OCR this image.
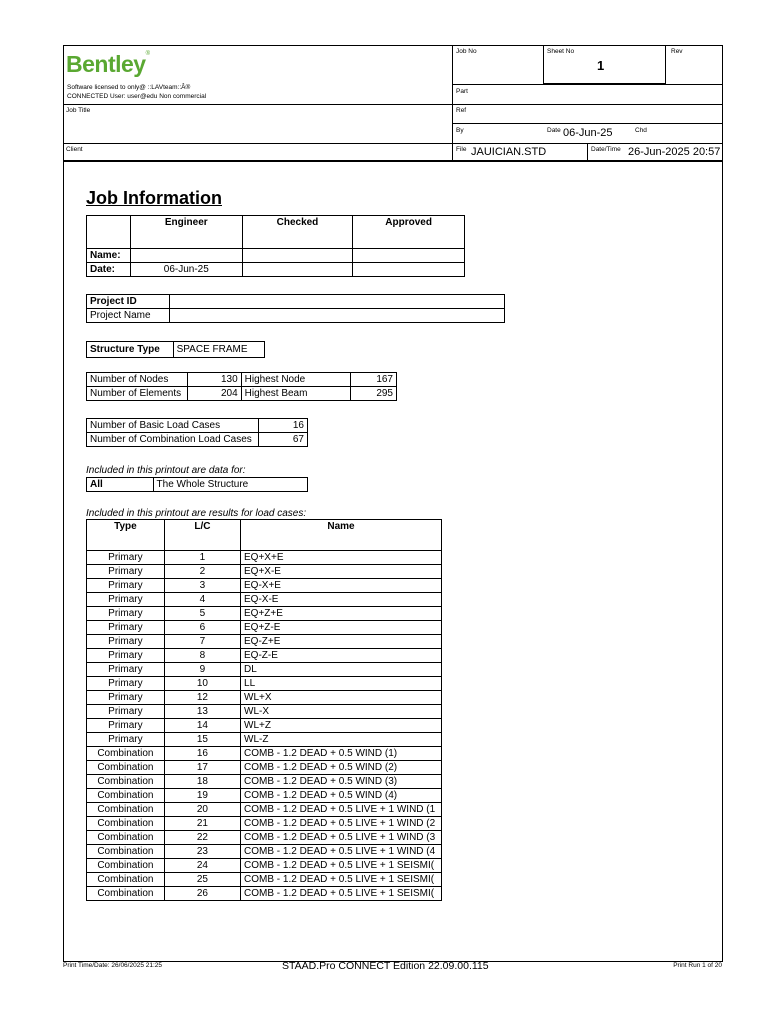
Bentley®
Software licensed to only@ ::LAVteam::Â®
CONNECTED User: user@edu Non commercial
Job Title
Client
Job No	Sheet No
1
Rev
Part
Ref
By	Date 06-Jun-25	Chd
File JAUICIAN.STD	Date/Time 26-Jun-2025 20:57
Job Information
	Engineer	Checked	Approved
Name:			
Date:	06-Jun-25		
Project ID	
Project Name	
Structure Type	SPACE FRAME
Number of Nodes	130	Highest Node	167
Number of Elements	204	Highest Beam	295
Number of Basic Load Cases	16
Number of Combination Load Cases	67
Included in this printout are data for:
All	The Whole Structure
Included in this printout are results for load cases:
Type	L/C	Name
Primary	1	EQ+X+E
Primary	2	EQ+X-E
Primary	3	EQ-X+E
Primary	4	EQ-X-E
Primary	5	EQ+Z+E
Primary	6	EQ+Z-E
Primary	7	EQ-Z+E
Primary	8	EQ-Z-E
Primary	9	DL
Primary	10	LL
Primary	12	WL+X
Primary	13	WL-X
Primary	14	WL+Z
Primary	15	WL-Z
Combination	16	COMB - 1.2 DEAD + 0.5 WIND (1)
Combination	17	COMB - 1.2 DEAD + 0.5 WIND (2)
Combination	18	COMB - 1.2 DEAD + 0.5 WIND (3)
Combination	19	COMB - 1.2 DEAD + 0.5 WIND (4)
Combination	20	COMB - 1.2 DEAD + 0.5 LIVE + 1 WIND (1
Combination	21	COMB - 1.2 DEAD + 0.5 LIVE + 1 WIND (2
Combination	22	COMB - 1.2 DEAD + 0.5 LIVE + 1 WIND (3
Combination	23	COMB - 1.2 DEAD + 0.5 LIVE + 1 WIND (4
Combination	24	COMB - 1.2 DEAD + 0.5 LIVE + 1 SEISMI(
Combination	25	COMB - 1.2 DEAD + 0.5 LIVE + 1 SEISMI(
Combination	26	COMB - 1.2 DEAD + 0.5 LIVE + 1 SEISMI(
Print Time/Date: 26/06/2025 21:25	STAAD.Pro CONNECT Edition 22.09.00.115	Print Run 1 of 20
